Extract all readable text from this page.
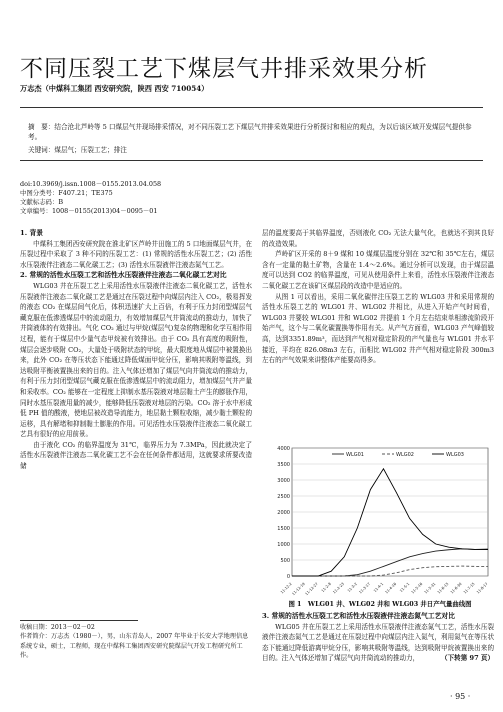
不同压裂工艺下煤层气井排采效果分析
万志杰（中煤科工集团 西安研究院，陕西 西安 710054）
摘　要：结合沧北芦岭等 5 口煤层气井现场排采情况，对不同压裂工艺下煤层气井排采效果进行分析探讨和相应的观点，为以后该区域开发煤层气提供参考。
关键词：煤层气；压裂工艺；排注
doi:10.3969/j.issn.1008－0155.2013.04.058
中图分类号：F407.21；TE375
文献标志码：B
文章编号：1008－0155(2013)04－0095－01

1. 背景

中煤科工集团西安研究院在淮北矿区芦岭井田施工的 5 口地面煤层气井，在压裂过程中采取了 3 种不同的压裂工艺：(1) 常规的活性水压裂工艺；(2) 活性水压裂液伴注液态二氧化碳工艺；(3) 活性水压裂液伴注液态氮气工艺。

2. 常规的活性水压裂工艺和活性水压裂液伴注液态二氧化碳工艺对比

WLG03 井在压裂工艺上采用活性水压裂液伴注液态二氧化碳工艺，活性水压裂液伴注液态二氧化碳工艺是通过在压裂过程中向煤层内注入 CO₂，极易挥发的液态 CO₂ 在煤层间气化后，体积迅速扩大上百倍，有利于压力封闭型煤层气藏克服在低渗透煤层中的流动阻力，有效增加煤层气井筒流动的推动力，加快了井筒液体的有效排出。气化 CO₂ 通过与甲烷(煤层气)复杂的物理和化学互相作用过程，能有于煤层中少量气态甲烷被有效排出。由于 CO₂ 具有高度的吸附性，煤层会逐步吸附 CO₂，大量处于吸附状态的甲烷，最大限度地从煤层中被置换出来，此外 CO₂ 在等压状态下能通过降低煤面甲烷分压，影响其吸附等温线，到达吸附平衡被置换出来的目的。注入气体还增加了煤层气向井筒流动的推动力，有利于压力封闭型煤层气藏克服在低渗透煤层中的流动阻力，增加煤层气井产量和采收率。CO₂ 能够在一定程度上抑制水基压裂液对地层黏土产生的膨胀作用，同时水基压裂液用量的减少，能够降低压裂液对地层的污染。CO₂ 溶于水中形成低 PH 值的酸液，使地层被改造导流能力，地层黏土颗粒收缩，减少黏土颗粒的运移，具有解堵和抑制黏土膨胀的作用。可见活性水压裂液伴注液态二氧化碳工艺具有很好的应用前景。

由于液化 CO₂ 的临界温度为 31℃，临界压力为 7.3MPa，因此就决定了活性水压裂液伴注液态二氧化碳工艺不会在任何条件都适用，这就要求所要改造储

收稿日期：2013－02－02
作者简介：万志杰（1980－），男，山东青岛人，2007 年毕业于长安大学地理信息系统专业，硕士，工程师，现在中煤科工集团西安研究院煤层气开发工程研究所工作。

层的温度要高于其临界温度，否则液化 CO₂ 无法大量气化，也就达不到其良好的改造效果。

芦岭矿区开采的 8＋9 煤和 10 煤煤层温度分别在 32℃和 35℃左右，煤层含有一定量的黏土矿物，含量在 1.4～2.6%。通过分析可以发现，由于煤层温度可以达到 CO2 的临界温度，可见从使用条件上来看，活性水压裂液伴注液态二氧化碳工艺在该矿区煤层段的改造中是适应的。

从图 1 可以看出，采用二氧化碳伴注压裂工艺的 WLG03 井和采用常规的活性水压裂工艺的 WLG01 井、WLG02 井相比，从进入开始产气时间看，WLG03 井要较 WLG01 井和 WLG02 井提前 1 个月左右结束单相渗流阶段开始产气，这个与二氧化碳置换等作用有关。从产气方面看，WLG03 产气峰值较高，达到3351.89m³，而达到产气相对稳定阶段的产气量也与 WLG01 井水平接近，平均在 826.08m3 左右，而相比 WLG02 井产气相对稳定阶段 300m3 左右的产气效果来讲整体产能要高得多。

0
500
1000
1500
2000
2500
3000
3500
4000
11-12-2
11-12-19
11-12-27 11-2-8 11-2-23 11-3-2 11-3-17 11-4-1 11-4-16 11-5-1 11-5-16 11-5-31 11-6-15 11-6-30 11-7-15 11-8-17
WLG01	WLG02	WLG03
图 1　WLG01 井、WLG02 井和 WLG03 井日产气量曲线图

3. 常规的活性水压裂工艺和活性水压裂液伴注液态氮气工艺对比

WLG05 井在压裂工艺上采用活性水压裂液伴注液态氮气工艺，活性水压裂液伴注液态氮气工艺是通过在压裂过程中向煤层内注入氮气，利用氮气在等压状态下能通过降低游离甲烷分压，影响其吸附等温线，达到吸附甲烷被置换出来的目的。注入气体还增加了煤层气向井筒流动的推动力，	（下转第 97 页）

· 95 ·
